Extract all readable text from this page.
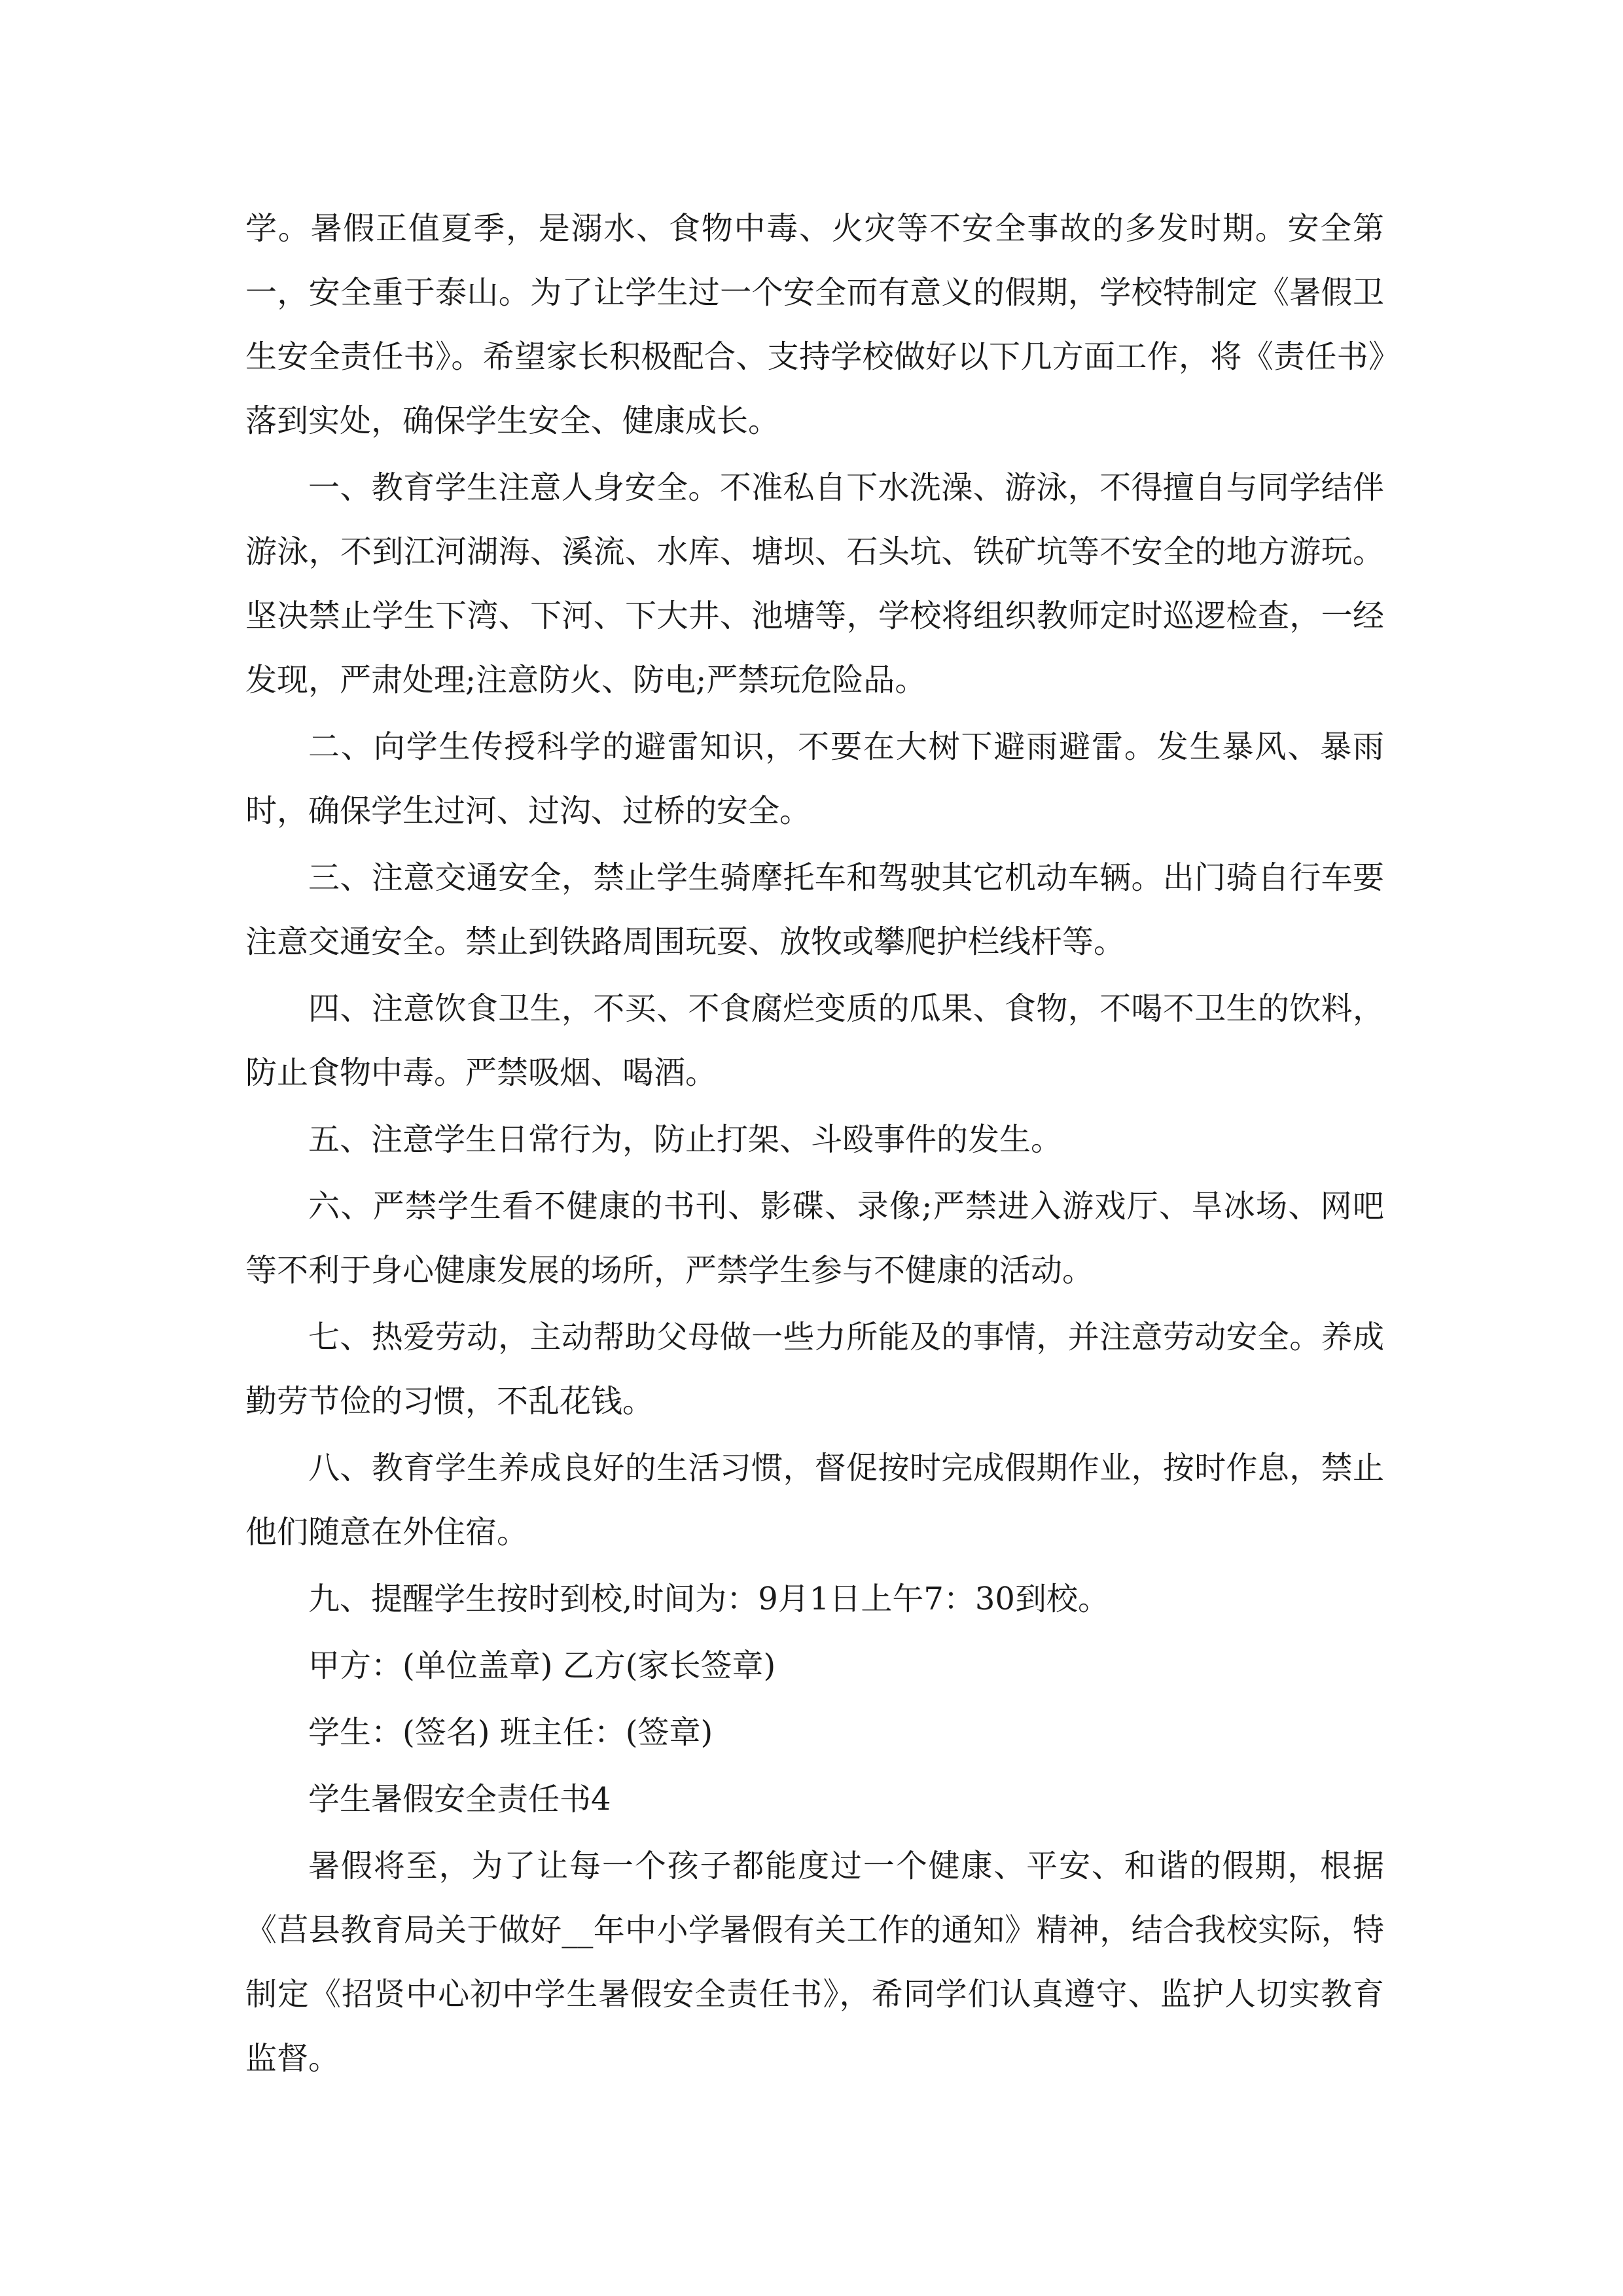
学。暑假正值夏季，是溺水、食物中毒、火灾等不安全事故的多发时期。安全第一，安全重于泰山。为了让学生过一个安全而有意义的假期，学校特制定《暑假卫生安全责任书》。希望家长积极配合、支持学校做好以下几方面工作，将《责任书》落到实处，确保学生安全、健康成长。

一、教育学生注意人身安全。不准私自下水洗澡、游泳，不得擅自与同学结伴游泳，不到江河湖海、溪流、水库、塘坝、石头坑、铁矿坑等不安全的地方游玩。坚决禁止学生下湾、下河、下大井、池塘等，学校将组织教师定时巡逻检查，一经发现，严肃处理;注意防火、防电;严禁玩危险品。

二、向学生传授科学的避雷知识，不要在大树下避雨避雷。发生暴风、暴雨时，确保学生过河、过沟、过桥的安全。

三、注意交通安全，禁止学生骑摩托车和驾驶其它机动车辆。出门骑自行车要注意交通安全。禁止到铁路周围玩耍、放牧或攀爬护栏线杆等。

四、注意饮食卫生，不买、不食腐烂变质的瓜果、食物，不喝不卫生的饮料，防止食物中毒。严禁吸烟、喝酒。

五、注意学生日常行为，防止打架、斗殴事件的发生。

六、严禁学生看不健康的书刊、影碟、录像;严禁进入游戏厅、旱冰场、网吧等不利于身心健康发展的场所，严禁学生参与不健康的活动。

七、热爱劳动，主动帮助父母做一些力所能及的事情，并注意劳动安全。养成勤劳节俭的习惯，不乱花钱。

八、教育学生养成良好的生活习惯，督促按时完成假期作业，按时作息，禁止他们随意在外住宿。

九、提醒学生按时到校,时间为：9月1日上午7：30到校。

甲方：(单位盖章) 乙方(家长签章)

学生：(签名) 班主任：(签章)

学生暑假安全责任书4

暑假将至，为了让每一个孩子都能度过一个健康、平安、和谐的假期，根据《莒县教育局关于做好__年中小学暑假有关工作的通知》精神，结合我校实际，特制定《招贤中心初中学生暑假安全责任书》，希同学们认真遵守、监护人切实教育监督。
